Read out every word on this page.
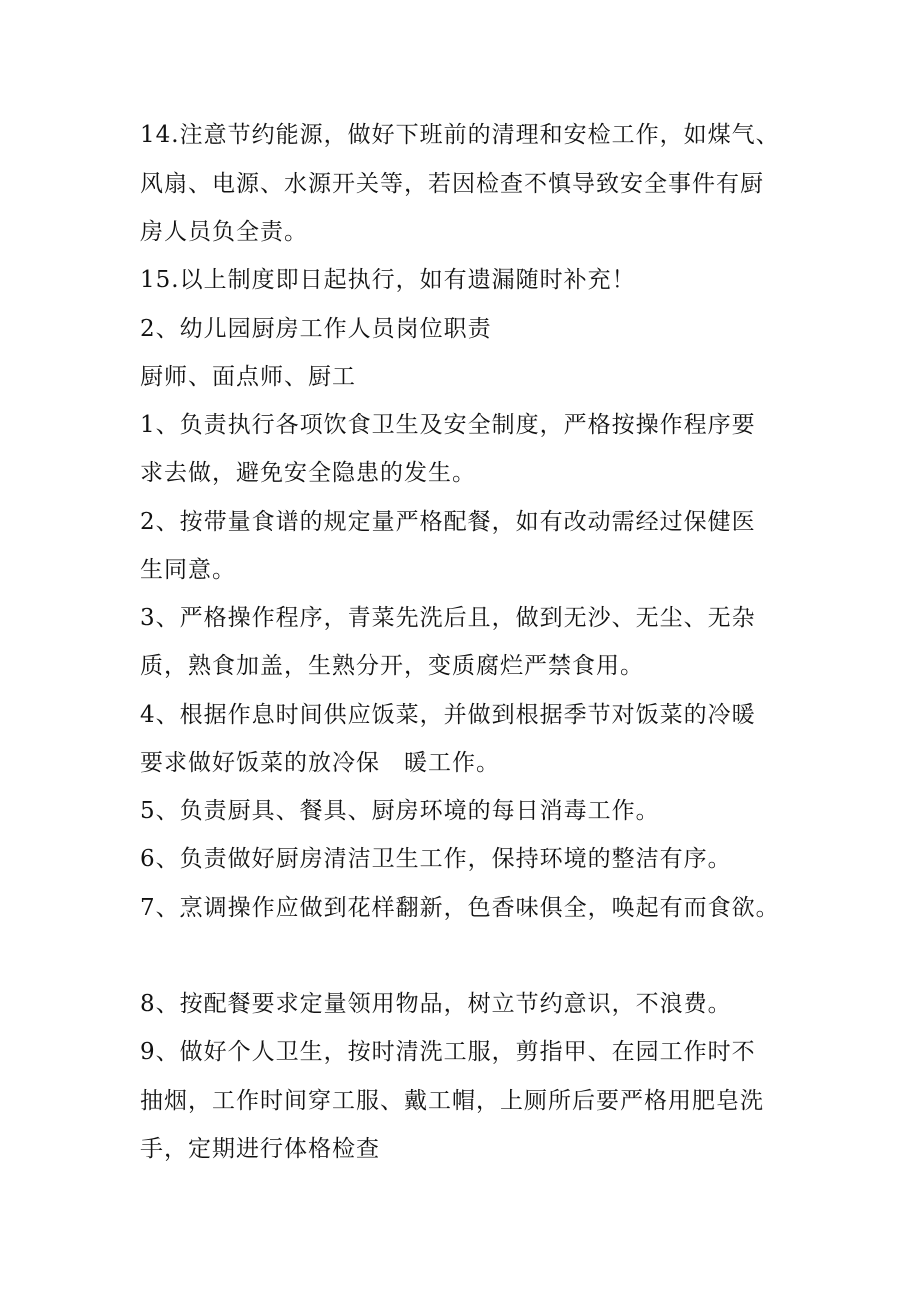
14.注意节约能源，做好下班前的清理和安检工作，如煤气、
风扇、电源、水源开关等，若因检查不慎导致安全事件有厨
房人员负全责。
15.以上制度即日起执行，如有遗漏随时补充！
2、幼儿园厨房工作人员岗位职责
厨师、面点师、厨工
1、负责执行各项饮食卫生及安全制度，严格按操作程序要
求去做，避免安全隐患的发生。
2、按带量食谱的规定量严格配餐，如有改动需经过保健医
生同意。
3、严格操作程序，青菜先洗后且，做到无沙、无尘、无杂
质，熟食加盖，生熟分开，变质腐烂严禁食用。
4、根据作息时间供应饭菜，并做到根据季节对饭菜的冷暖
要求做好饭菜的放冷保　暖工作。
5、负责厨具、餐具、厨房环境的每日消毒工作。
6、负责做好厨房清洁卫生工作，保持环境的整洁有序。
7、烹调操作应做到花样翻新，色香味俱全，唤起有而食欲。
8、按配餐要求定量领用物品，树立节约意识，不浪费。
9、做好个人卫生，按时清洗工服，剪指甲、在园工作时不
抽烟，工作时间穿工服、戴工帽，上厕所后要严格用肥皂洗
手，定期进行体格检查
